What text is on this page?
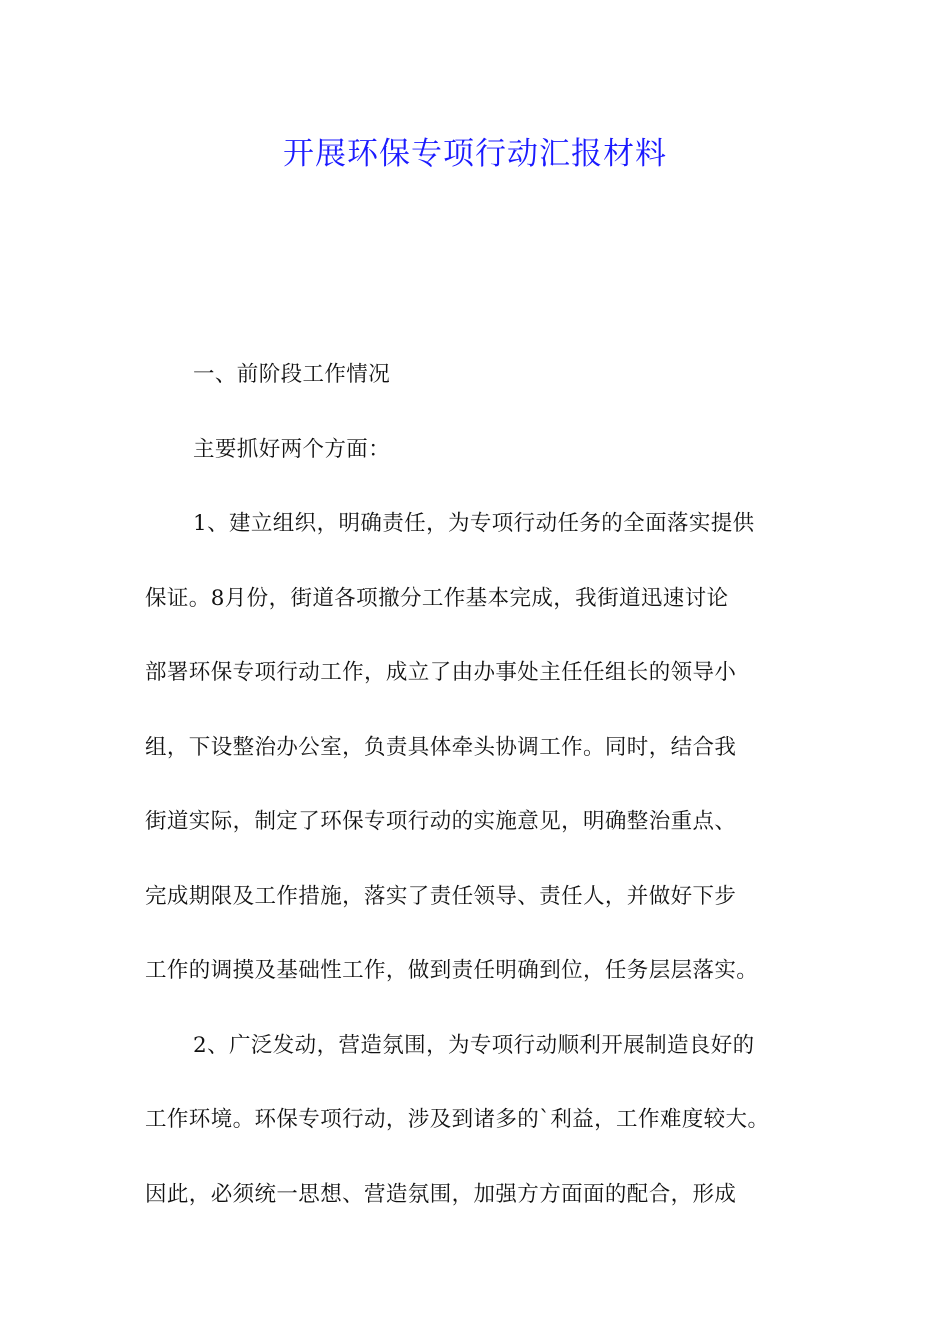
开展环保专项行动汇报材料
一、前阶段工作情况
主要抓好两个方面：
1、建立组织，明确责任，为专项行动任务的全面落实提供
保证。8月份，街道各项撤分工作基本完成，我街道迅速讨论
部署环保专项行动工作，成立了由办事处主任任组长的领导小
组，下设整治办公室，负责具体牵头协调工作。同时，结合我
街道实际，制定了环保专项行动的实施意见，明确整治重点、
完成期限及工作措施，落实了责任领导、责任人，并做好下步
工作的调摸及基础性工作，做到责任明确到位，任务层层落实。
2、广泛发动，营造氛围，为专项行动顺利开展制造良好的
工作环境。环保专项行动，涉及到诸多的`利益，工作难度较大。
因此，必须统一思想、营造氛围，加强方方面面的配合，形成
